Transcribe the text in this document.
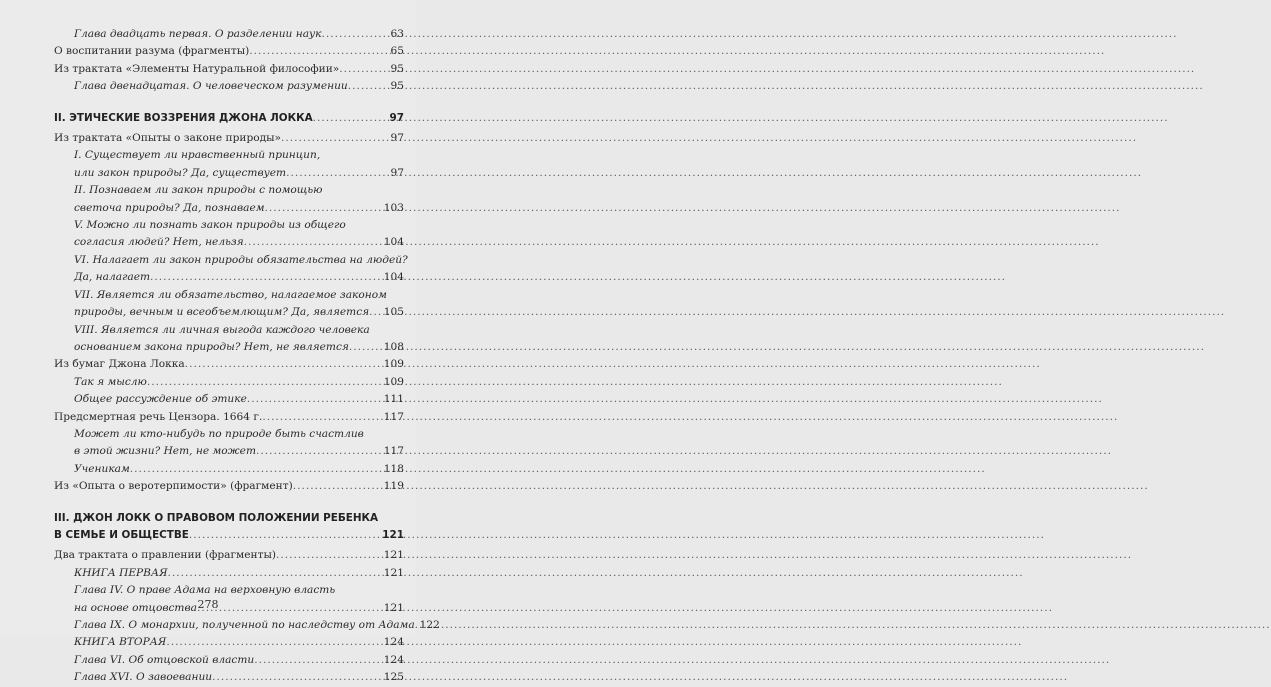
Глава двадцать первая. О разделении наук .....	63
О воспитании разума (фрагменты) .....	65
Из трактата «Элементы Натуральной философии» .....	95
Глава двенадцатая. О человеческом разумении .....	95
II. ЭТИЧЕСКИЕ ВОЗЗРЕНИЯ ДЖОНА ЛОККА .....	97
Из трактата «Опыты о законе природы» .....	97
I. Существует ли нравственный принцип,
или закон природы? Да, существует .....	97
II. Познаваем ли закон природы с помощью
светоча природы? Да, познаваем .....	103
V. Можно ли познать закон природы из общего
согласия людей? Нет, нельзя .....	104
VI. Налагает ли закон природы обязательства на людей?
Да, налагает .....	104
VII. Является ли обязательство, налагаемое законом
природы, вечным и всеобъемлющим? Да, является ..... 105
VIII. Является ли личная выгода каждого человека
основанием закона природы? Нет, не является .....	108
Из бумаг Джона Локка .....	109
Так я мыслю .....	109
Общее рассуждение об этике .....	111
Предсмертная речь Цензора. 1664 г. .....	117
Может ли кто-нибудь по природе быть счастлив
в этой жизни? Нет, не может .....	117
Ученикам .....	118
Из «Опыта о веротерпимости» (фрагмент) .....	119
III. ДЖОН ЛОКК О ПРАВОВОМ ПОЛОЖЕНИИ РЕБЕНКА
В СЕМЬЕ И ОБЩЕСТВЕ .....	121
Два трактата о правлении (фрагменты) .....	121
КНИГА ПЕРВАЯ .....	121
Глава IV. О праве Адама на верховную власть
на основе отцовства .....	121
Глава IX. О монархии, полученной по наследству от Адама ..... 122
КНИГА ВТОРАЯ .....	124
Глава VI. Об отцовской власти .....	124
Глава XVI. О завоевании .....	125
278
